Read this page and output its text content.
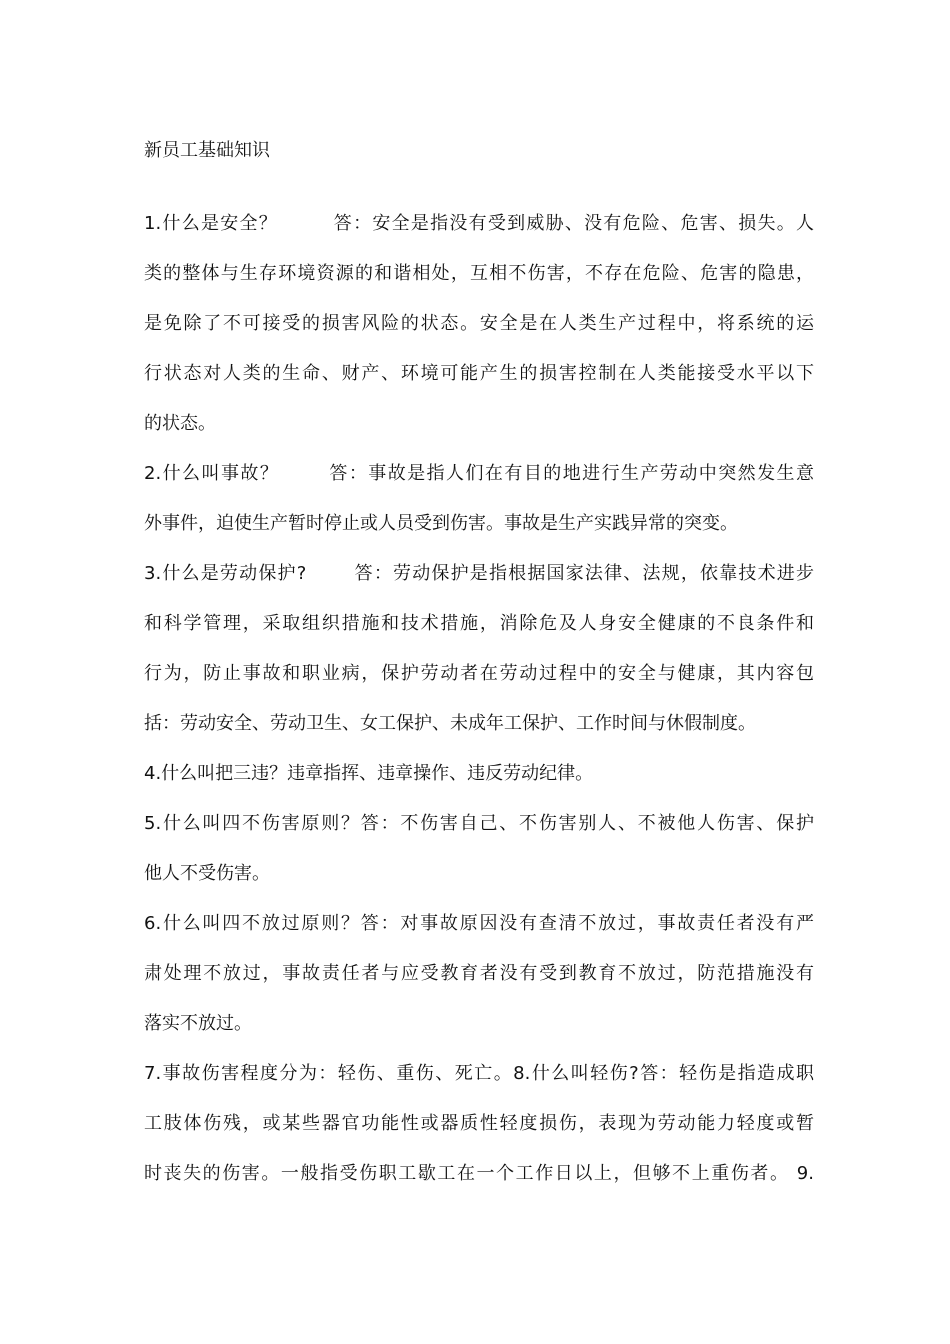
新员工基础知识
1.什么是安全？        答：安全是指没有受到威胁、没有危险、危害、损失。人
类的整体与生存环境资源的和谐相处，互相不伤害，不存在危险、危害的隐患，
是免除了不可接受的损害风险的状态。安全是在人类生产过程中，将系统的运
行状态对人类的生命、财产、环境可能产生的损害控制在人类能接受水平以下
的状态。
2.什么叫事故？       答：事故是指人们在有目的地进行生产劳动中突然发生意
外事件，迫使生产暂时停止或人员受到伤害。事故是生产实践异常的突变。
3.什么是劳动保护?       答：劳动保护是指根据国家法律、法规，依靠技术进步
和科学管理，采取组织措施和技术措施，消除危及人身安全健康的不良条件和
行为，防止事故和职业病，保护劳动者在劳动过程中的安全与健康，其内容包
括：劳动安全、劳动卫生、女工保护、未成年工保护、工作时间与休假制度。
4.什么叫把三违？违章指挥、违章操作、违反劳动纪律。
5.什么叫四不伤害原则？答：不伤害自己、不伤害别人、不被他人伤害、保护
他人不受伤害。
6.什么叫四不放过原则？答：对事故原因没有查清不放过，事故责任者没有严
肃处理不放过，事故责任者与应受教育者没有受到教育不放过，防范措施没有
落实不放过。
7.事故伤害程度分为：轻伤、重伤、死亡。8.什么叫轻伤?答：轻伤是指造成职
工肢体伤残，或某些器官功能性或器质性轻度损伤，表现为劳动能力轻度或暂
时丧失的伤害。一般指受伤职工歇工在一个工作日以上，但够不上重伤者。 9.
